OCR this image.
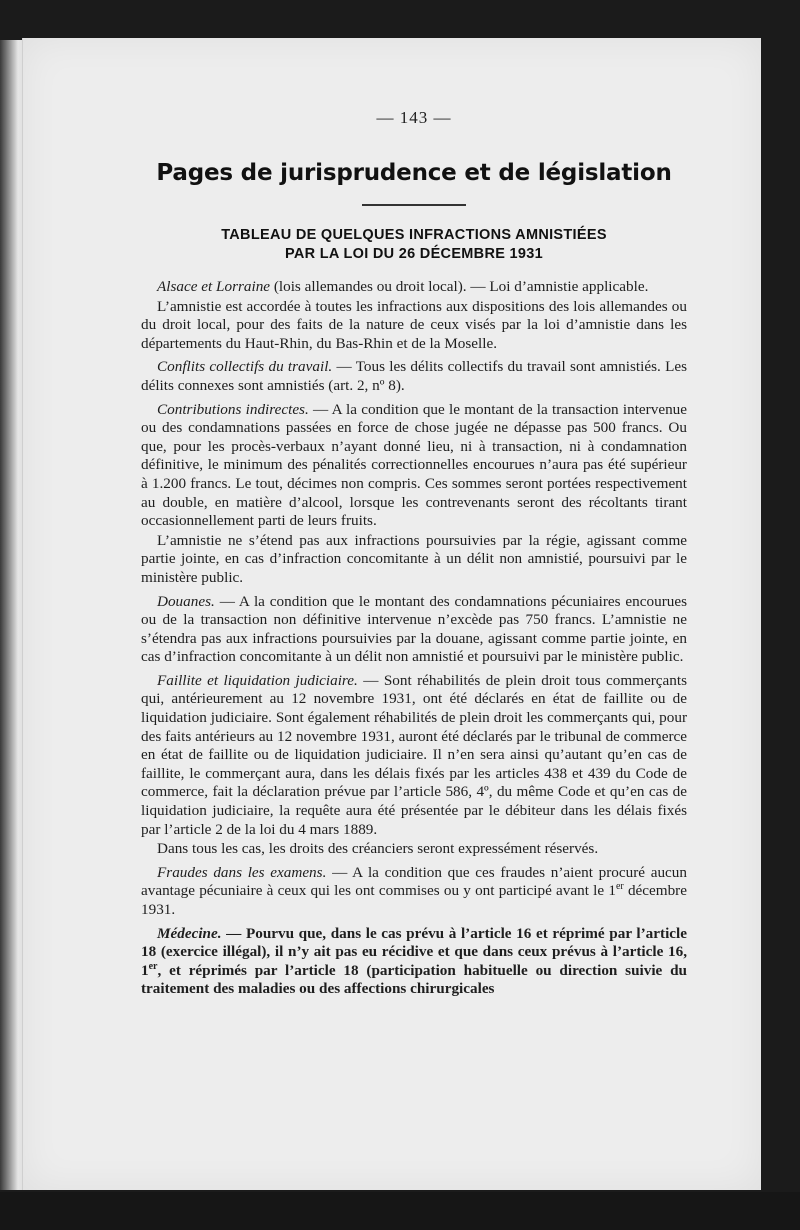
— 143 —
Pages de jurisprudence et de législation
TABLEAU DE QUELQUES INFRACTIONS AMNISTIÉES
PAR LA LOI DU 26 DÉCEMBRE 1931

Alsace et Lorraine (lois allemandes ou droit local). — Loi d’amnistie applicable.

L’amnistie est accordée à toutes les infractions aux dispositions des lois allemandes ou du droit local, pour des faits de la nature de ceux visés par la loi d’amnistie dans les départements du Haut-Rhin, du Bas-Rhin et de la Moselle.

Conflits collectifs du travail. — Tous les délits collectifs du travail sont amnistiés. Les délits connexes sont amnistiés (art. 2, nº 8).

Contributions indirectes. — A la condition que le montant de la transaction intervenue ou des condamnations passées en force de chose jugée ne dépasse pas 500 francs. Ou que, pour les procès-verbaux n’ayant donné lieu, ni à transaction, ni à condamnation définitive, le minimum des pénalités correctionnelles encourues n’aura pas été supérieur à 1.200 francs. Le tout, décimes non compris. Ces sommes seront portées respectivement au double, en matière d’alcool, lorsque les contrevenants seront des récoltants tirant occasionnellement parti de leurs fruits.

L’amnistie ne s’étend pas aux infractions poursuivies par la régie, agissant comme partie jointe, en cas d’infraction concomitante à un délit non amnistié, poursuivi par le ministère public.

Douanes. — A la condition que le montant des condamnations pécuniaires encourues ou de la transaction non définitive intervenue n’excède pas 750 francs. L’amnistie ne s’étendra pas aux infractions poursuivies par la douane, agissant comme partie jointe, en cas d’infraction concomitante à un délit non amnistié et poursuivi par le ministère public.

Faillite et liquidation judiciaire. — Sont réhabilités de plein droit tous commerçants qui, antérieurement au 12 novembre 1931, ont été déclarés en état de faillite ou de liquidation judiciaire. Sont également réhabilités de plein droit les commerçants qui, pour des faits antérieurs au 12 novembre 1931, auront été déclarés par le tribunal de commerce en état de faillite ou de liquidation judiciaire. Il n’en sera ainsi qu’autant qu’en cas de faillite, le commerçant aura, dans les délais fixés par les articles 438 et 439 du Code de commerce, fait la déclaration prévue par l’article 586, 4º, du même Code et qu’en cas de liquidation judiciaire, la requête aura été présentée par le débiteur dans les délais fixés par l’article 2 de la loi du 4 mars 1889.

Dans tous les cas, les droits des créanciers seront expressément réservés.

Fraudes dans les examens. — A la condition que ces fraudes n’aient procuré aucun avantage pécuniaire à ceux qui les ont commises ou y ont participé avant le 1er décembre 1931.

Médecine. — Pourvu que, dans le cas prévu à l’article 16 et réprimé par l’article 18 (exercice illégal), il n’y ait pas eu récidive et que dans ceux prévus à l’article 16, 1er, et réprimés par l’article 18 (participation habituelle ou direction suivie du traitement des maladies ou des affections chirurgicales
